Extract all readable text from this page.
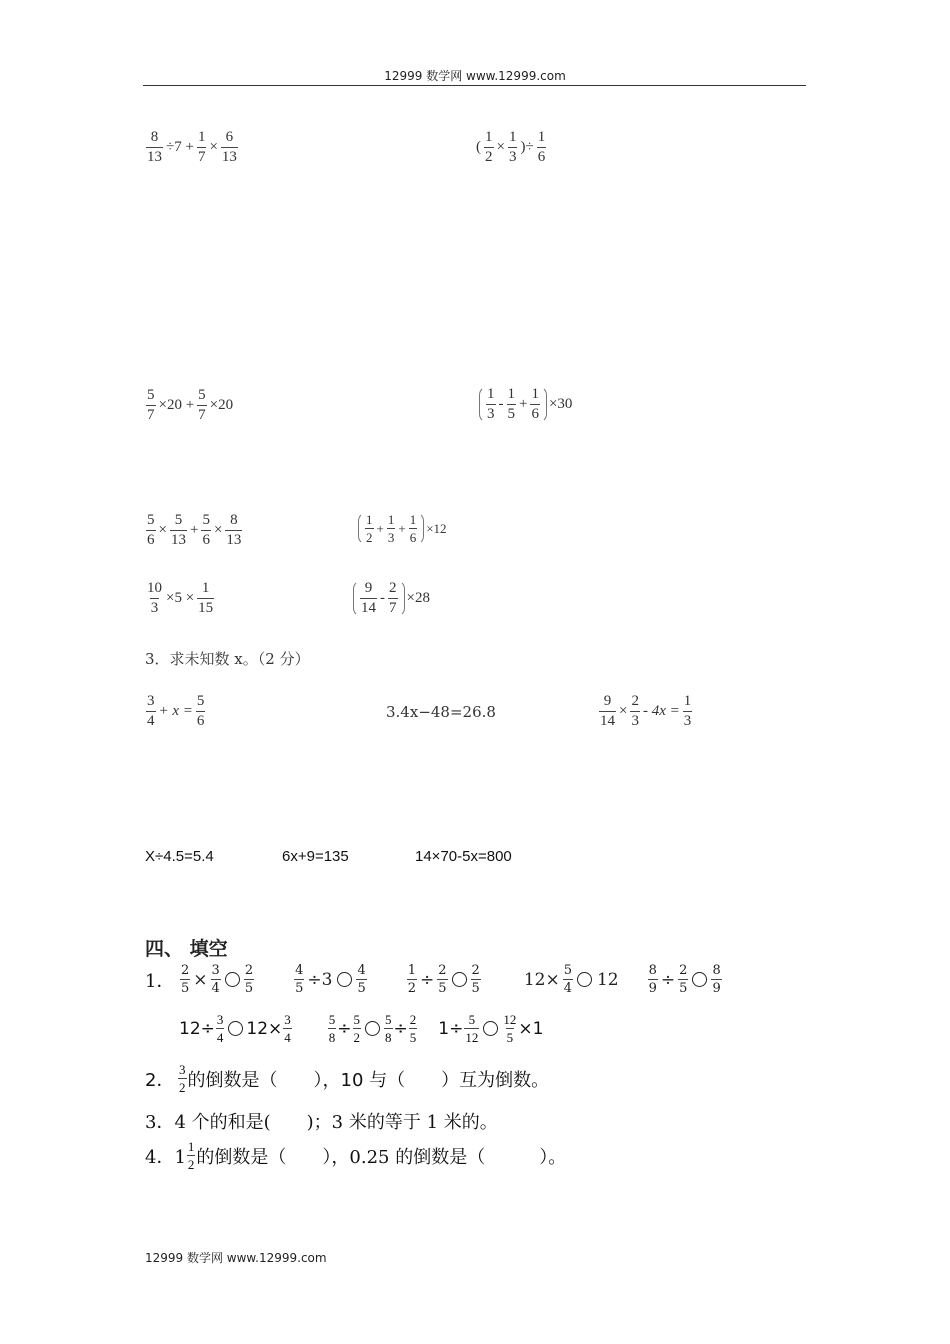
12999 数学网 www.12999.com
$\frac{8}{13} \div 7 + \frac{1}{7} \times \frac{6}{13}$	( $\frac{1}{2} \times \frac{1}{3}$ )÷ $\frac{1}{6}$
$\frac{5}{7} \times 20 + \frac{5}{7} \times 20$	$\frac{1}{3} - \frac{1}{5} + \frac{1}{6} \times 30$
$\frac{5}{6} \times \frac{5}{13} + \frac{5}{6} \times \frac{8}{13}$	$\frac{1}{2} + \frac{1}{3} + \frac{1}{6} \times 12$
$\frac{10}{3} \times 5 \times \frac{1}{15}$	$\frac{9}{14} - \frac{2}{7} \times 28$
3．求未知数 x。（2 分）
$\frac{3}{4} + x = \frac{5}{6}$	3.4x−48=26.8	$\frac{9}{14} \times \frac{2}{3} - 4x = \frac{1}{3}$
X÷4.5=5.4	6x+9=135	14×70-5x=800
四、 填空
1． $\frac{2}{5} \times \frac{3}{4} \frac{2}{5}$	$\frac{4}{5} \div 3 \frac{4}{5}$	$\frac{1}{2} \div \frac{2}{5} \frac{2}{5}$	$12\times \frac{5}{4} 12 \frac{8}{9} \div \frac{2}{5} \frac{8}{9}$
$12\div \frac{3}{4} 12\times \frac{3}{4}$	$\frac{5}{8} \div \frac{5}{2} \frac{5}{8} \div \frac{2}{5} 1\div \frac{5}{12} \frac{12}{5} \times 1$
2． $\frac{3}{2}$ 的倒数是（　　），10 与（　　）互为倒数。
3．4 个的和是(　　)；3 米的等于 1 米的。
4．$1 \frac{1}{2}$ 的倒数是（　　），0.25 的倒数是（　　　）。
12999 数学网 www.12999.com
